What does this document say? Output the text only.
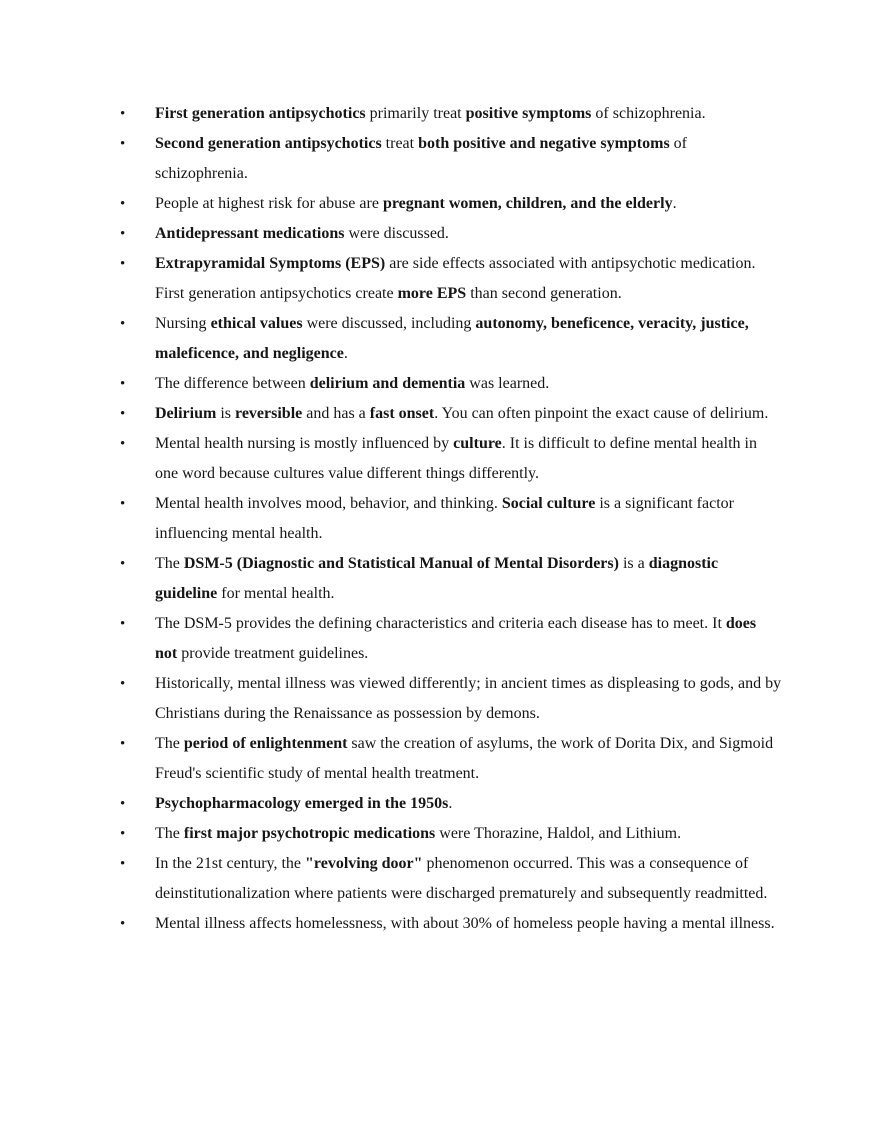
•	First generation antipsychotics primarily treat positive symptoms of schizophrenia.
•	Second generation antipsychotics treat both positive and negative symptoms of schizophrenia.
•	People at highest risk for abuse are pregnant women, children, and the elderly.
•	Antidepressant medications were discussed.
•	Extrapyramidal Symptoms (EPS) are side effects associated with antipsychotic medication. First generation antipsychotics create more EPS than second generation.
•	Nursing ethical values were discussed, including autonomy, beneficence, veracity, justice, maleficence, and negligence.
•	The difference between delirium and dementia was learned.
•	Delirium is reversible and has a fast onset. You can often pinpoint the exact cause of delirium.
•	Mental health nursing is mostly influenced by culture. It is difficult to define mental health in one word because cultures value different things differently.
•	Mental health involves mood, behavior, and thinking. Social culture is a significant factor influencing mental health.
•	The DSM-5 (Diagnostic and Statistical Manual of Mental Disorders) is a diagnostic guideline for mental health.
•	The DSM-5 provides the defining characteristics and criteria each disease has to meet. It does not provide treatment guidelines.
•	Historically, mental illness was viewed differently; in ancient times as displeasing to gods, and by Christians during the Renaissance as possession by demons.
•	The period of enlightenment saw the creation of asylums, the work of Dorita Dix, and Sigmoid Freud's scientific study of mental health treatment.
•	Psychopharmacology emerged in the 1950s.
•	The first major psychotropic medications were Thorazine, Haldol, and Lithium.
•	In the 21st century, the "revolving door" phenomenon occurred. This was a consequence of deinstitutionalization where patients were discharged prematurely and subsequently readmitted.
•	Mental illness affects homelessness, with about 30% of homeless people having a mental illness.
